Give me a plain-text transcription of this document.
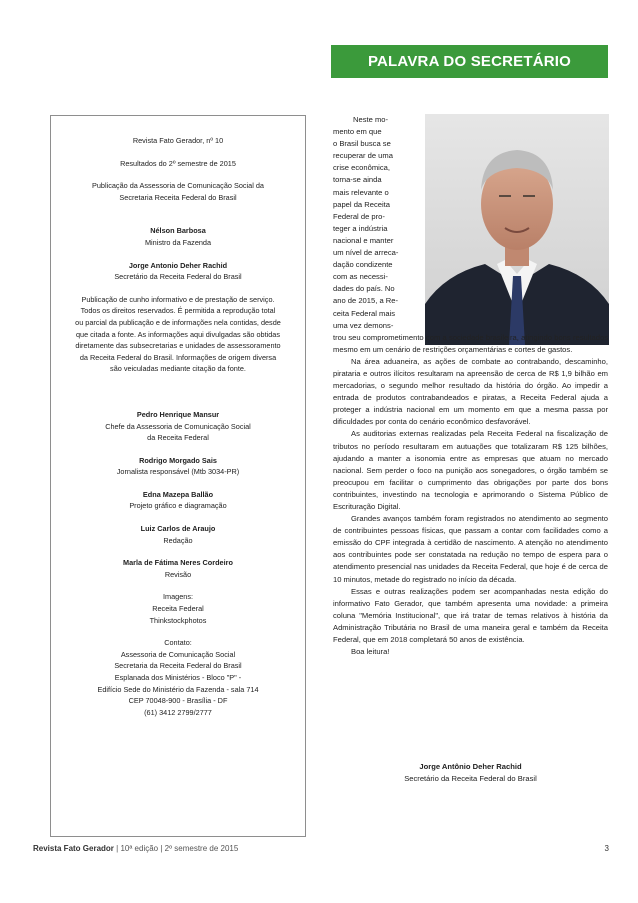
PALAVRA DO SECRETÁRIO

Revista Fato Gerador, nº 10

Resultados do 2º semestre de 2015

Publicação da Assessoria de Comunicação Social da

Secretaria Receita Federal do Brasil

Nélson Barbosa

Ministro da Fazenda

Jorge Antonio Deher Rachid

Secretário da Receita Federal do Brasil

Publicação de cunho informativo e de prestação de serviço.

Todos os direitos reservados. É permitida a reprodução total

ou parcial da publicação e de informações nela contidas, desde

que citada a fonte. As informações aqui divulgadas são obtidas

diretamente das subsecretarias e unidades de assessoramento

da Receita Federal do Brasil. Informações de origem diversa

são veiculadas mediante citação da fonte.

Pedro Henrique Mansur

Chefe da Assessoria de Comunicação Social

da Receita Federal

Rodrigo Morgado Sais

Jornalista responsável (Mtb 3034-PR)

Edna Mazepa Ballão

Projeto gráfico e diagramação

Luiz Carlos de Araujo

Redação

Marla de Fátima Neres Cordeiro

Revisão

Imagens:

Receita Federal

Thinkstockphotos

Contato:

Assessoria de Comunicação Social

Secretaria da Receita Federal do Brasil

Esplanada dos Ministérios - Bloco "P" -

Edifício Sede do Ministério da Fazenda - sala 714

CEP 70048-900 - Brasília - DF

(61) 3412 2799/2777

Neste mo-

mento em que

o Brasil busca se

recuperar de uma

crise econômica,

torna-se ainda

mais relevante o

papel da Receita

Federal de pro-

teger a indústria

nacional e manter

um nível de arreca-

dação condizente

com as necessi-

dades do país. No

ano de 2015, a Re-

ceita Federal mais

uma vez demons-

trou seu comprometimento com a sociedade brasileira, atingindo bons resultados mesmo em um cenário de restrições orçamentárias e cortes de gastos.

Na área aduaneira, as ações de combate ao contrabando, descaminho, pirataria e outros ilícitos resultaram na apreensão de cerca de R$ 1,9 bilhão em mercadorias, o segundo melhor resultado da história do órgão. Ao impedir a entrada de produtos contrabandeados e piratas, a Receita Federal ajuda a proteger a indústria nacional em um momento em que a mesma passa por dificuldades por conta do cenário econômico desfavorável.

As auditorias externas realizadas pela Receita Federal na fiscalização de tributos no período resultaram em autuações que totalizaram R$ 125 bilhões, ajudando a manter a isonomia entre as empresas que atuam no mercado nacional. Sem perder o foco na punição aos sonegadores, o órgão também se preocupou em facilitar o cumprimento das obrigações por parte dos bons contribuintes, investindo na tecnologia e aprimorando o Sistema Público de Escrituração Digital.

Grandes avanços também foram registrados no atendimento ao segmento de contribuintes pessoas físicas, que passam a contar com facilidades como a emissão do CPF integrada à certidão de nascimento. A atenção no atendimento aos contribuintes pode ser constatada na redução no tempo de espera para o atendimento presencial nas unidades da Receita Federal, que hoje é de cerca de 10 minutos, metade do registrado no início da década.

Essas e outras realizações podem ser acompanhadas nesta edição do informativo Fato Gerador, que também apresenta uma novidade: a primeira coluna "Memória Institucional", que irá tratar de temas relativos à história da Administração Tributária no Brasil de uma maneira geral e também da Receita Federal, que em 2018 completará 50 anos de existência.

Boa leitura!

Jorge Antônio Deher Rachid

Secretário da Receita Federal do Brasil

Revista Fato Gerador | 10ª edição | 2º semestre de 2015	3
